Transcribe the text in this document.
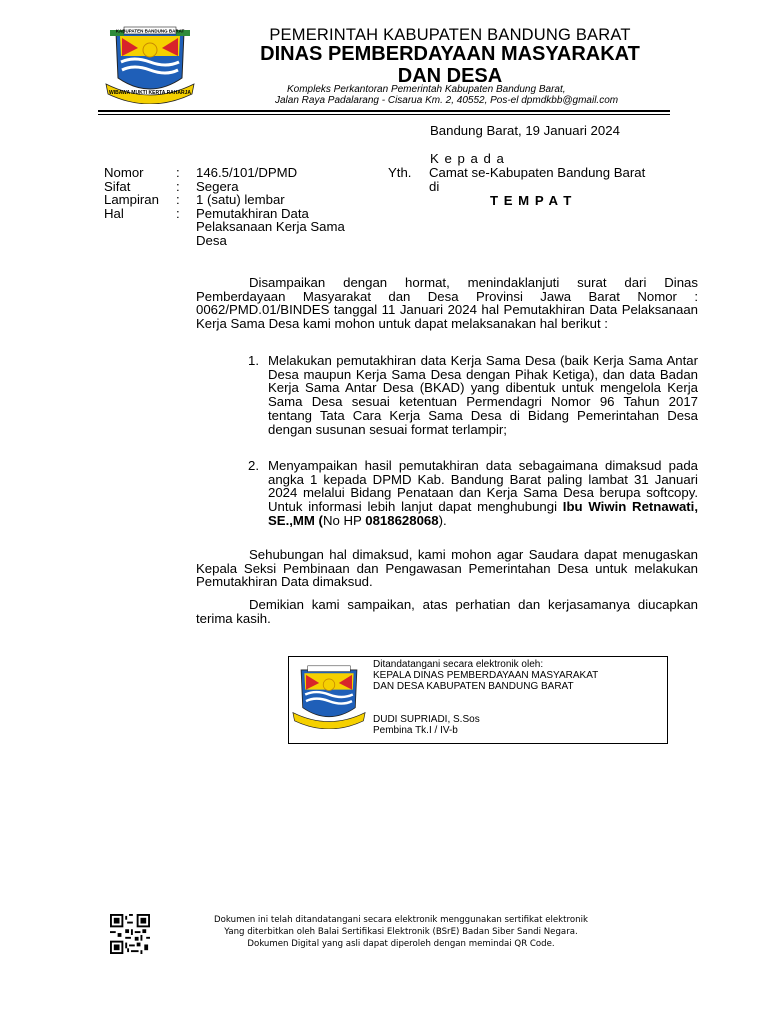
KABUPATEN BANDUNG BARAT
WIBAWA MUKTI KERTA RAHARJA
PEMERINTAH KABUPATEN BANDUNG BARAT
DINAS PEMBERDAYAAN MASYARAKAT
DAN DESA
Kompleks Perkantoran Pemerintah Kabupaten Bandung Barat,
Jalan Raya Padalarang - Cisarua Km. 2, 40552, Pos-el dpmdkbb@gmail.com
Bandung Barat, 19 Januari 2024
K e p a d a
Yth. Camat se-Kabupaten Bandung Barat
di
T E M P A T
Nomor	:	146.5/101/DPMD
Sifat	:	Segera
Lampiran	:	1 (satu) lembar
Hal	:	Pemutakhiran Data
Pelaksanaan Kerja Sama
Desa
Disampaikan dengan hormat, menindaklanjuti surat dari Dinas Pemberdayaan Masyarakat dan Desa Provinsi Jawa Barat Nomor : 0062/PMD.01/BINDES tanggal 11 Januari 2024 hal Pemutakhiran Data Pelaksanaan Kerja Sama Desa kami mohon untuk dapat melaksanakan hal berikut :
1. Melakukan pemutakhiran data Kerja Sama Desa (baik Kerja Sama Antar Desa maupun Kerja Sama Desa dengan Pihak Ketiga), dan data Badan Kerja Sama Antar Desa (BKAD) yang dibentuk untuk mengelola Kerja Sama Desa sesuai ketentuan Permendagri Nomor 96 Tahun 2017 tentang Tata Cara Kerja Sama Desa di Bidang Pemerintahan Desa dengan susunan sesuai format terlampir;
2. Menyampaikan hasil pemutakhiran data sebagaimana dimaksud pada angka 1 kepada DPMD Kab. Bandung Barat paling lambat 31 Januari 2024 melalui Bidang Penataan dan Kerja Sama Desa berupa softcopy. Untuk informasi lebih lanjut dapat menghubungi Ibu Wiwin Retnawati, SE.,MM (No HP 0818628068).
Sehubungan hal dimaksud, kami mohon agar Saudara dapat menugaskan Kepala Seksi Pembinaan dan Pengawasan Pemerintahan Desa untuk melakukan Pemutakhiran Data dimaksud.
Demikian kami sampaikan, atas perhatian dan kerjasamanya diucapkan terima kasih.
Ditandatangani secara elektronik oleh:
KEPALA DINAS PEMBERDAYAAN MASYARAKAT
DAN DESA KABUPATEN BANDUNG BARAT
DUDI SUPRIADI, S.Sos
Pembina Tk.I / IV-b
Dokumen ini telah ditandatangani secara elektronik menggunakan sertifikat elektronik
Yang diterbitkan oleh Balai Sertifikasi Elektronik (BSrE) Badan Siber Sandi Negara.
Dokumen Digital yang asli dapat diperoleh dengan memindai QR Code.
